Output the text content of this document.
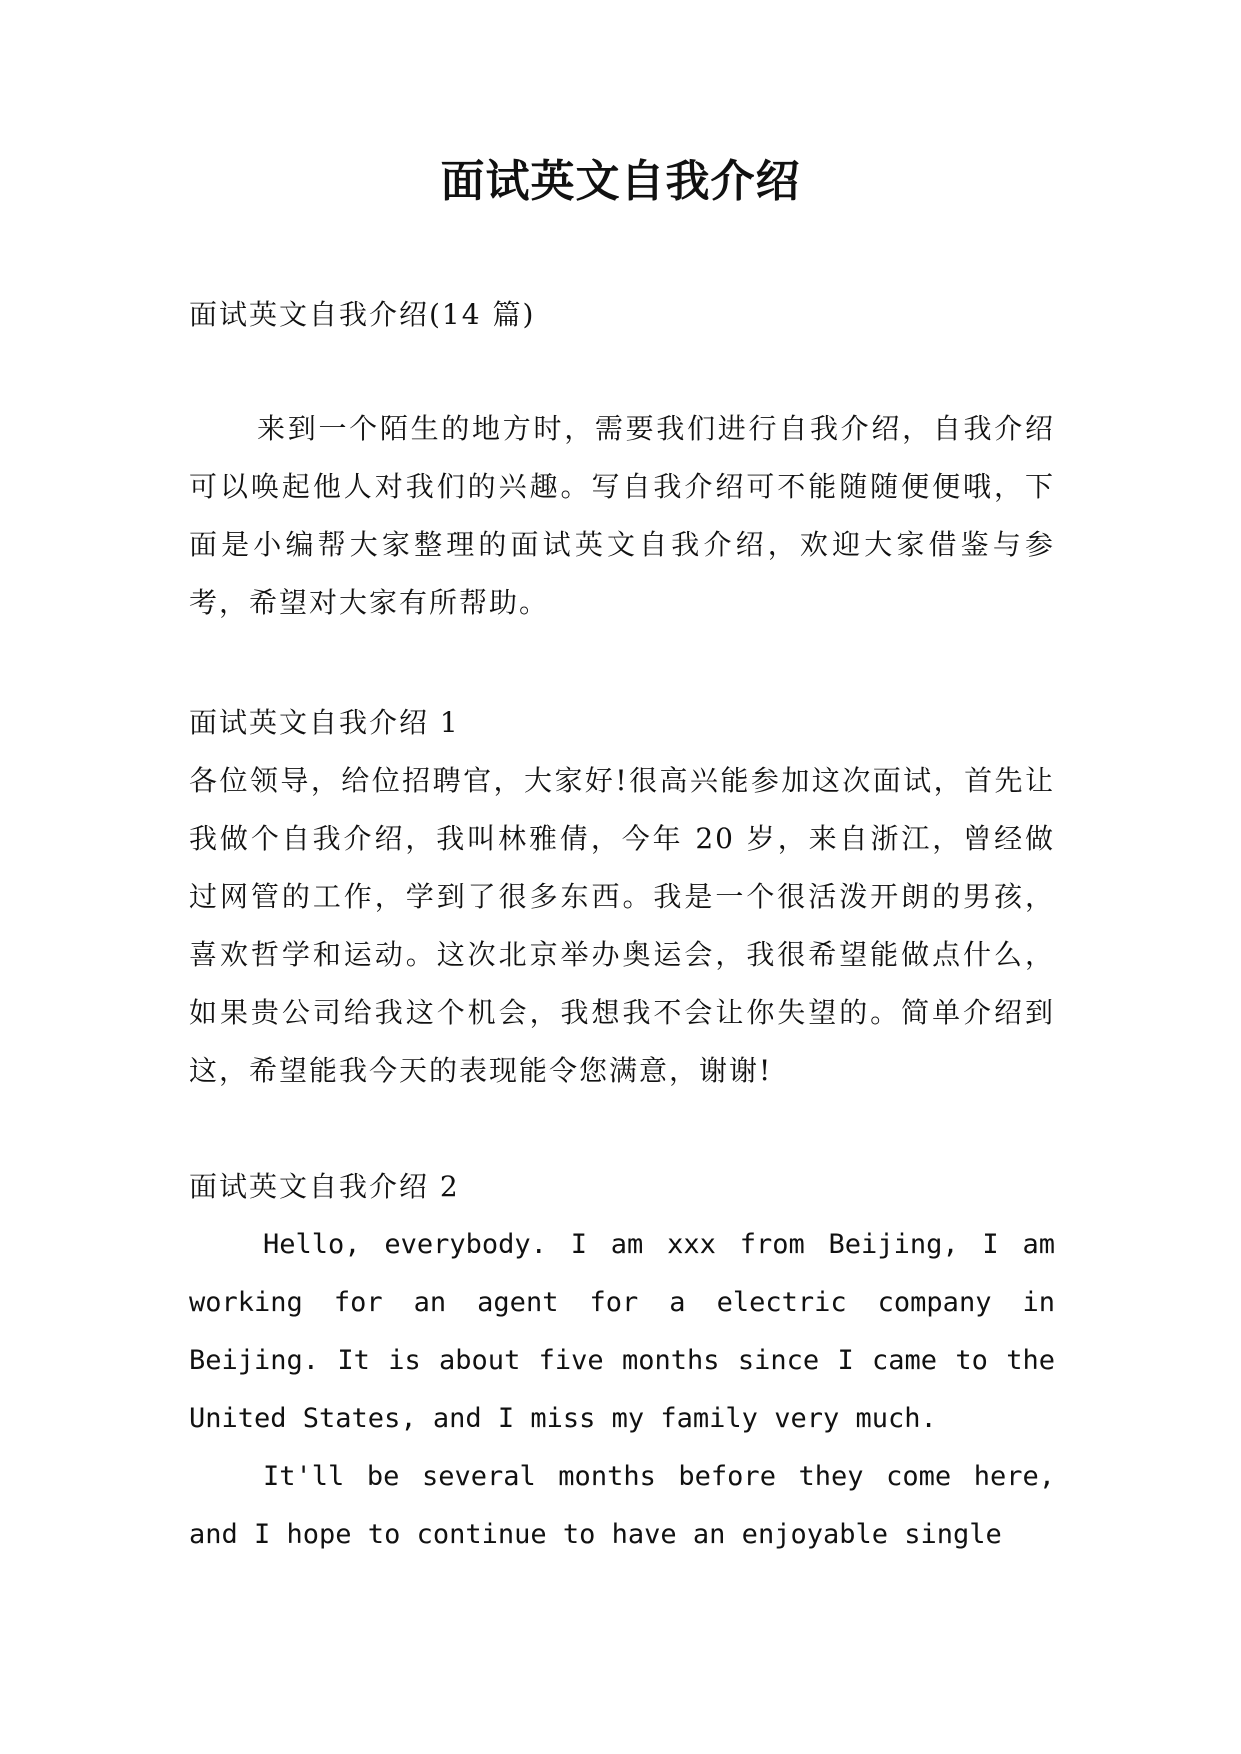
面试英文自我介绍
面试英文自我介绍(14 篇)
来到一个陌生的地方时，需要我们进行自我介绍，自我介绍可以唤起他人对我们的兴趣。写自我介绍可不能随随便便哦，下面是小编帮大家整理的面试英文自我介绍，欢迎大家借鉴与参考，希望对大家有所帮助。
面试英文自我介绍 1
各位领导，给位招聘官，大家好!很高兴能参加这次面试，首先让我做个自我介绍，我叫林雅倩，今年 20 岁，来自浙江，曾经做过网管的工作，学到了很多东西。我是一个很活泼开朗的男孩，喜欢哲学和运动。这次北京举办奥运会，我很希望能做点什么，如果贵公司给我这个机会，我想我不会让你失望的。简单介绍到这，希望能我今天的表现能令您满意，谢谢!
面试英文自我介绍 2
Hello, everybody. I am xxx from Beijing, I am working for an agent for a electric company in Beijing. It is about five months since I came to the United States, and I miss my family very much.
It'll be several months before they come here, and I hope to continue to have an enjoyable single
